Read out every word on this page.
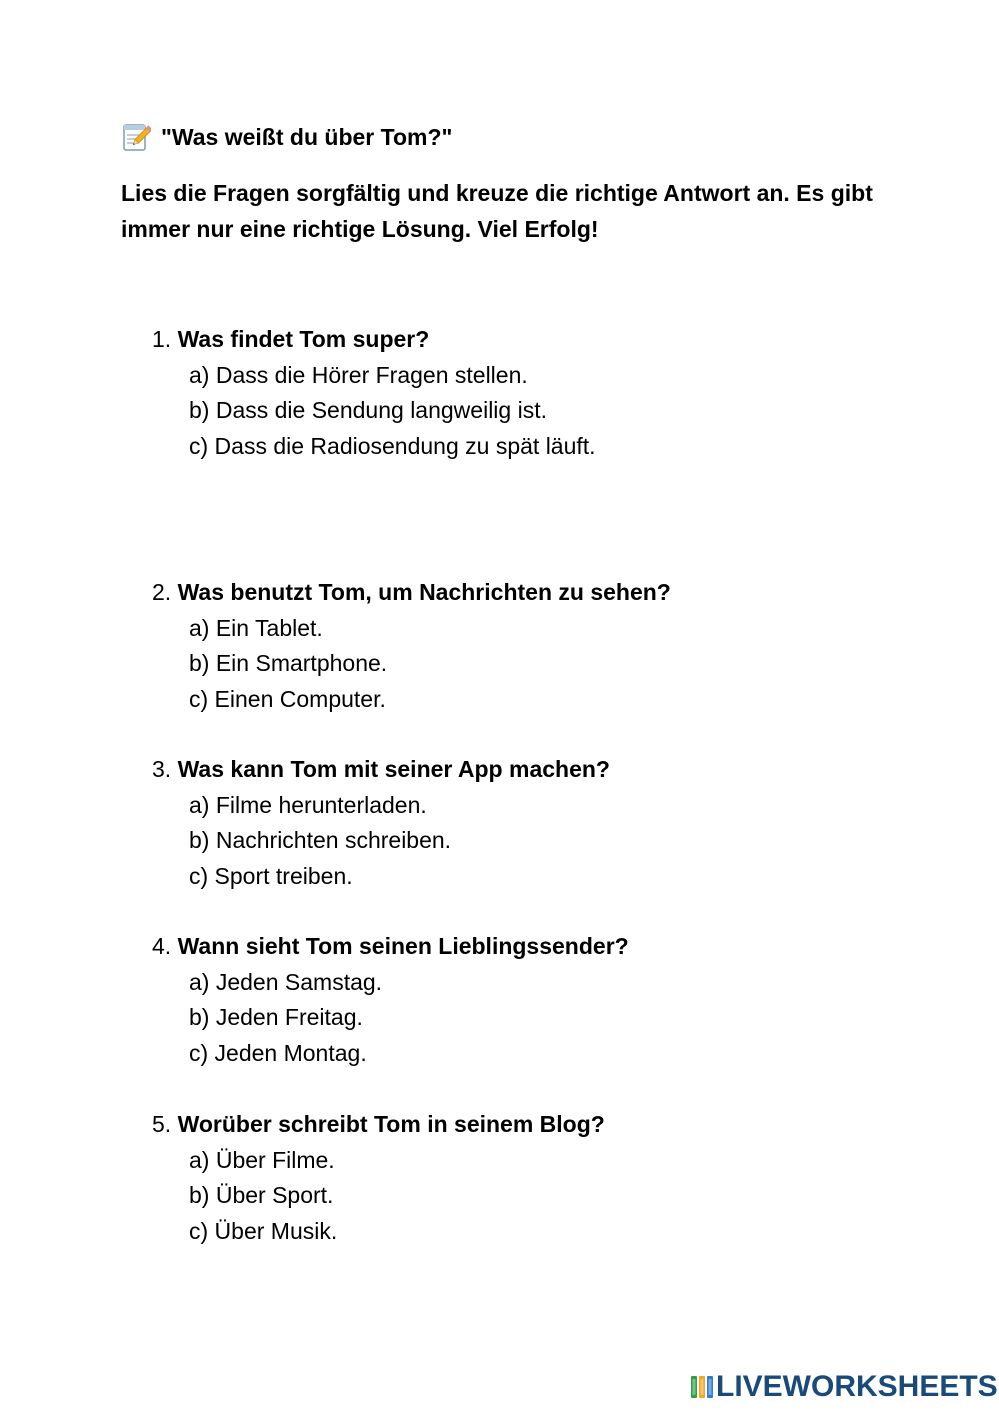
"Was weißt du über Tom?"
Lies die Fragen sorgfältig und kreuze die richtige Antwort an. Es gibt immer nur eine richtige Lösung. Viel Erfolg!
1. Was findet Tom super?
a) Dass die Hörer Fragen stellen.
b) Dass die Sendung langweilig ist.
c) Dass die Radiosendung zu spät läuft.
2. Was benutzt Tom, um Nachrichten zu sehen?
a) Ein Tablet.
b) Ein Smartphone.
c) Einen Computer.
3. Was kann Tom mit seiner App machen?
a) Filme herunterladen.
b) Nachrichten schreiben.
c) Sport treiben.
4. Wann sieht Tom seinen Lieblingssender?
a) Jeden Samstag.
b) Jeden Freitag.
c) Jeden Montag.
5. Worüber schreibt Tom in seinem Blog?
a) Über Filme.
b) Über Sport.
c) Über Musik.
LIVEWORKSHEETS
